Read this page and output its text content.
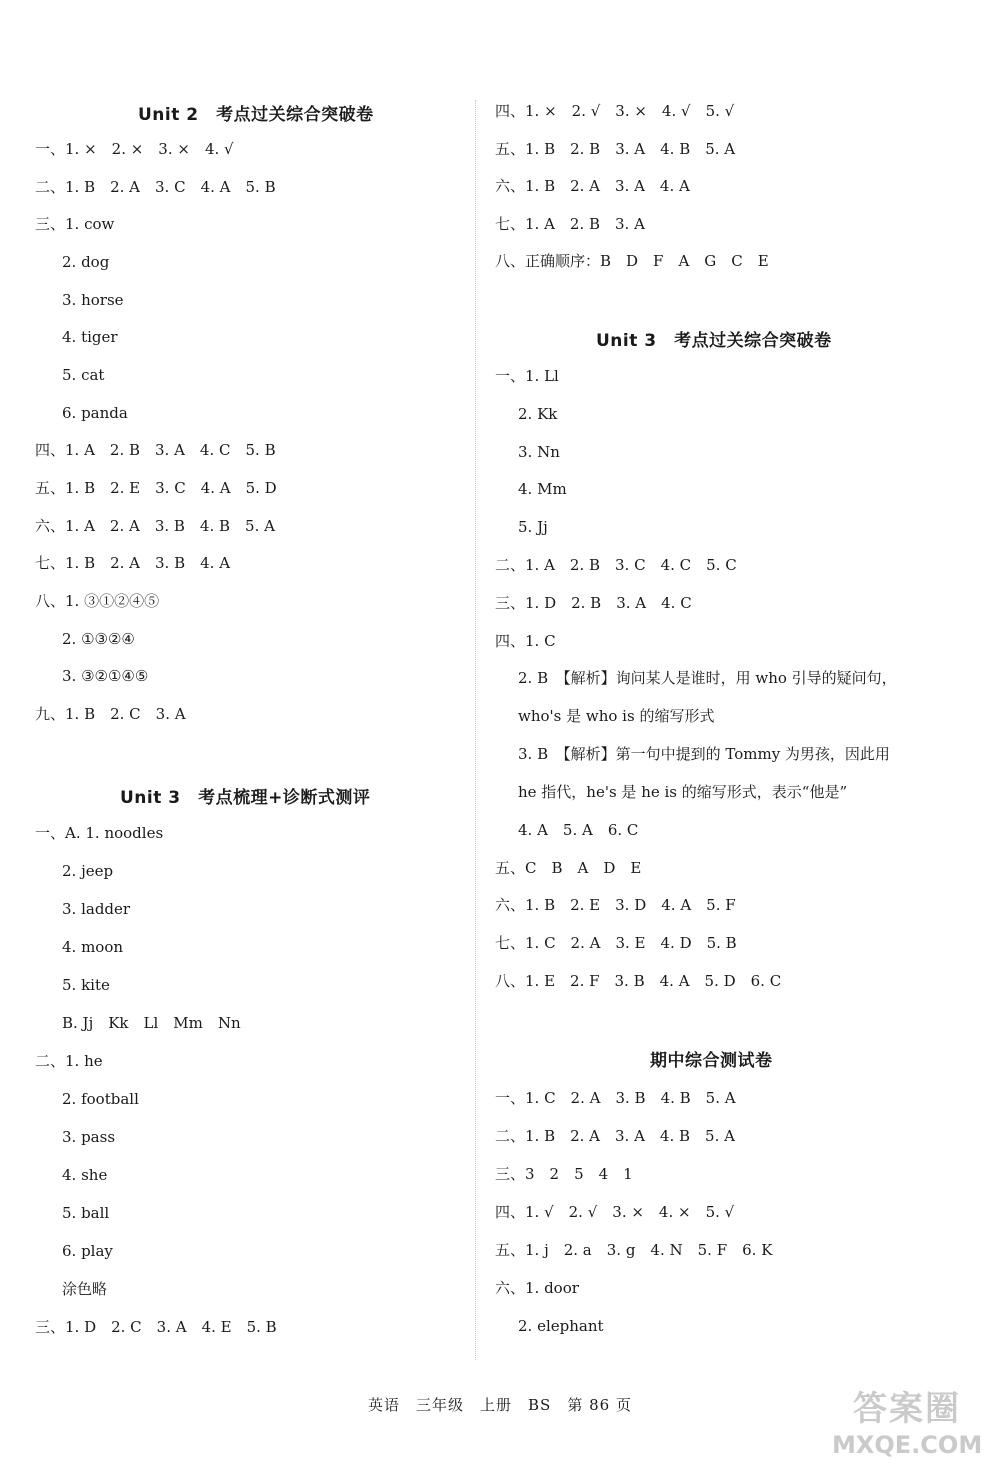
Unit 2　考点过关综合突破卷
一、1. ×　2. ×　3. ×　4. √
二、1. B　2. A　3. C　4. A　5. B
三、1. cow
2. dog
3. horse
4. tiger
5. cat
6. panda
四、1. A　2. B　3. A　4. C　5. B
五、1. B　2. E　3. C　4. A　5. D
六、1. A　2. A　3. B　4. B　5. A
七、1. B　2. A　3. B　4. A
八、1. ③①②④⑤
2. ①③②④
3. ③②①④⑤
九、1. B　2. C　3. A
Unit 3　考点梳理+诊断式测评
一、A. 1. noodles
2. jeep
3. ladder
4. moon
5. kite
B. Jj　Kk　Ll　Mm　Nn
二、1. he
2. football
3. pass
4. she
5. ball
6. play
涂色略
三、1. D　2. C　3. A　4. E　5. B
四、1. ×　2. √　3. ×　4. √　5. √
五、1. B　2. B　3. A　4. B　5. A
六、1. B　2. A　3. A　4. A
七、1. A　2. B　3. A
八、正确顺序：B　D　F　A　G　C　E
Unit 3　考点过关综合突破卷
一、1. Ll
2. Kk
3. Nn
4. Mm
5. Jj
二、1. A　2. B　3. C　4. C　5. C
三、1. D　2. B　3. A　4. C
四、1. C
2. B　【解析】询问某人是谁时，用 who 引导的疑问句，
who's 是 who is 的缩写形式
3. B　【解析】第一句中提到的 Tommy 为男孩，因此用
he 指代，he's 是 he is 的缩写形式，表示“他是”
4. A　5. A　6. C
五、C　B　A　D　E
六、1. B　2. E　3. D　4. A　5. F
七、1. C　2. A　3. E　4. D　5. B
八、1. E　2. F　3. B　4. A　5. D　6. C
期中综合测试卷
一、1. C　2. A　3. B　4. B　5. A
二、1. B　2. A　3. A　4. B　5. A
三、3　2　5　4　1
四、1. √　2. √　3. ×　4. ×　5. √
五、1. j　2. a　3. g　4. N　5. F　6. K
六、1. door
2. elephant
英语　三年级　上册　BS　第 86 页	答案圈
MXQE.COM
